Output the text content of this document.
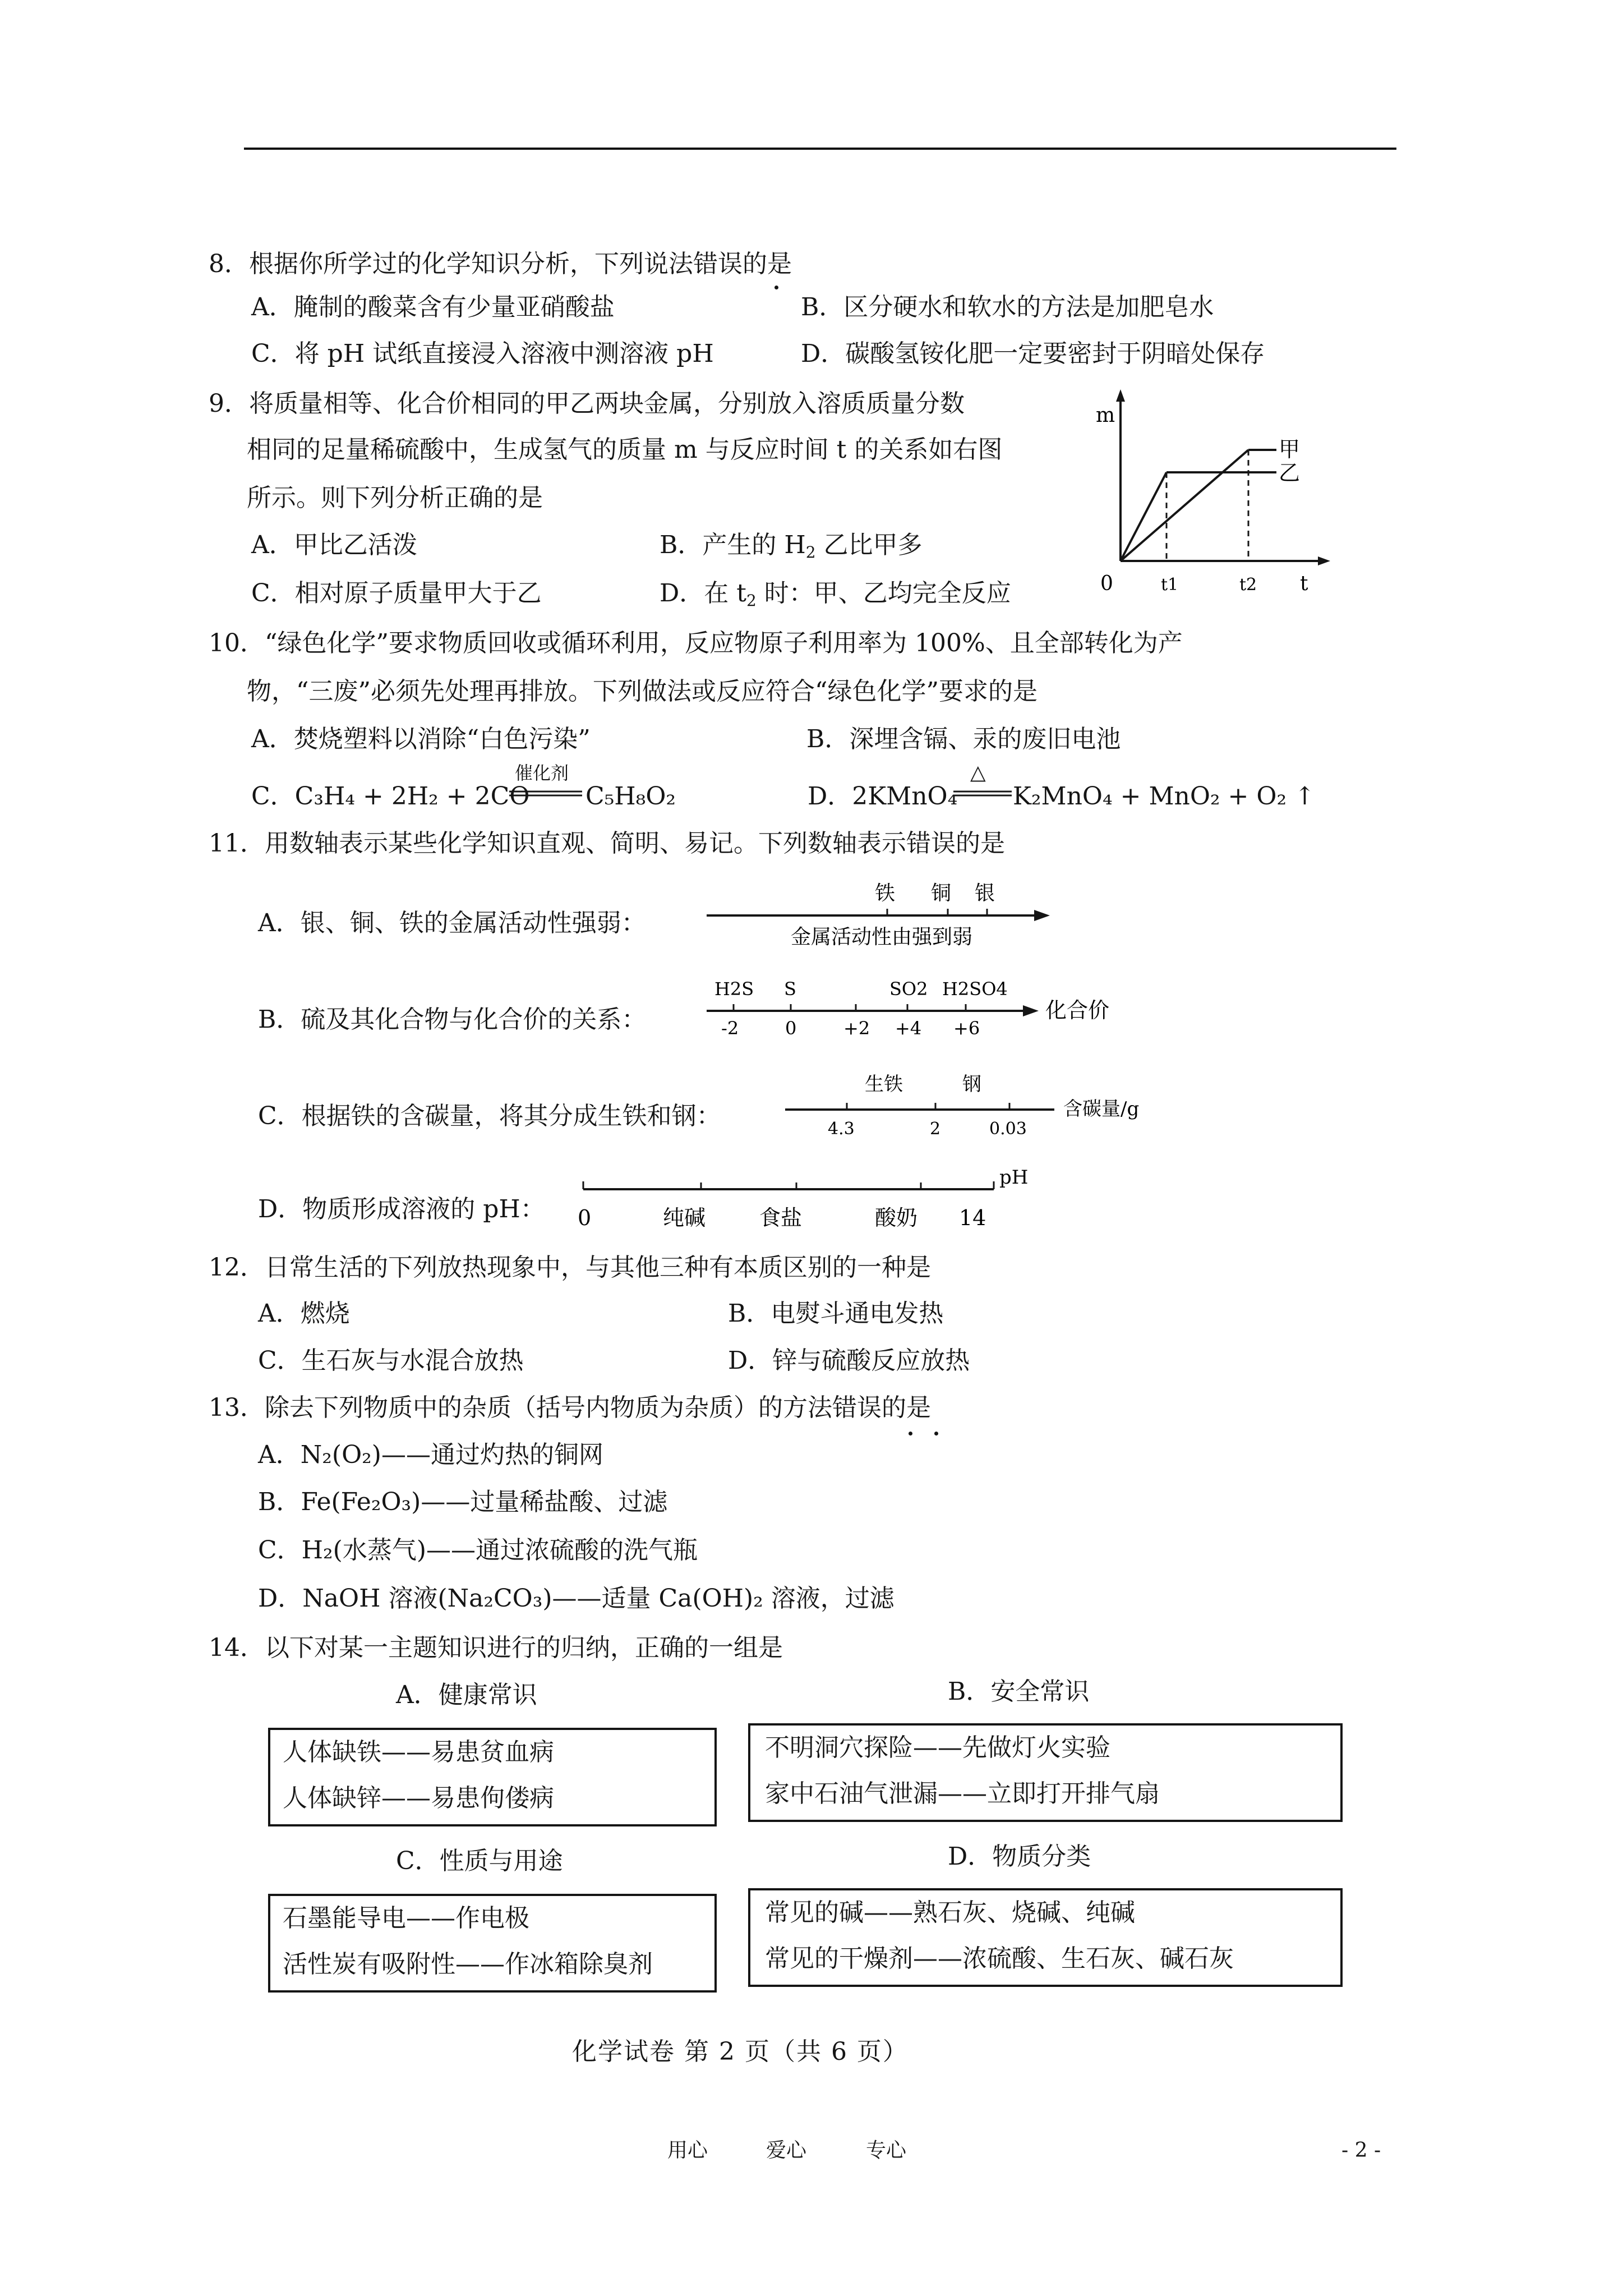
8．根据你所学过的化学知识分析，下列说法错误的是
A．腌制的酸菜含有少量亚硝酸盐	B．区分硬水和软水的方法是加肥皂水
C．将 pH 试纸直接浸入溶液中测溶液 pH	D．碳酸氢铵化肥一定要密封于阴暗处保存
9．将质量相等、化合价相同的甲乙两块金属，分别放入溶质质量分数
相同的足量稀硫酸中，生成氢气的质量 m 与反应时间 t 的关系如右图
所示。则下列分析正确的是
A．甲比乙活泼	B．产生的 $H_2$ 乙比甲多
C．相对原子质量甲大于乙	D．在 $t_2$ 时：甲、乙均完全反应
m
t
0	t1	t2
甲
乙
10．“绿色化学”要求物质回收或循环利用，反应物原子利用率为 100%、且全部转化为产
物，“三废”必须先处理再排放。下列做法或反应符合“绿色化学”要求的是
A．焚烧塑料以消除“白色污染”	B．深埋含镉、汞的废旧电池
C．C₃H₄ + 2H₂ + 2CO
催化剂
C₅H₈O₂	D．2KMnO₄
△
K₂MnO₄ + MnO₂ + O₂ ↑
11．用数轴表示某些化学知识直观、简明、易记。下列数轴表示错误的是
A．银、铜、铁的金属活动性强弱：
铁 铜 银
金属活动性由强到弱
B．硫及其化合物与化合价的关系：
H2S S	SO2 H2SO4
-2	0	+2 +4 +6
化合价
C．根据铁的含碳量，将其分成生铁和钢：
生铁	钢
4.3	2	0.03
含碳量/g
D．物质形成溶液的 pH：
pH
0	纯碱	食盐	酸奶 14
12．日常生活的下列放热现象中，与其他三种有本质区别的一种是
A．燃烧	B．电熨斗通电发热
C．生石灰与水混合放热	D．锌与硫酸反应放热
13．除去下列物质中的杂质（括号内物质为杂质）的方法错误的是
A．N₂(O₂)——通过灼热的铜网
B．Fe(Fe₂O₃)——过量稀盐酸、过滤
C．H₂(水蒸气)——通过浓硫酸的洗气瓶
D．NaOH 溶液(Na₂CO₃)——适量 Ca(OH)₂ 溶液，过滤
14．以下对某一主题知识进行的归纳，正确的一组是
A．健康常识
人体缺铁——易患贫血病
人体缺锌——易患佝偻病
B．安全常识
不明洞穴探险——先做灯火实验
家中石油气泄漏——立即打开排气扇
C．性质与用途
石墨能导电——作电极
活性炭有吸附性——作冰箱除臭剂
D．物质分类
常见的碱——熟石灰、烧碱、纯碱
常见的干燥剂——浓硫酸、生石灰、碱石灰
化学试卷 第 2 页（共 6 页）
用心	爱心	专心	- 2 -
